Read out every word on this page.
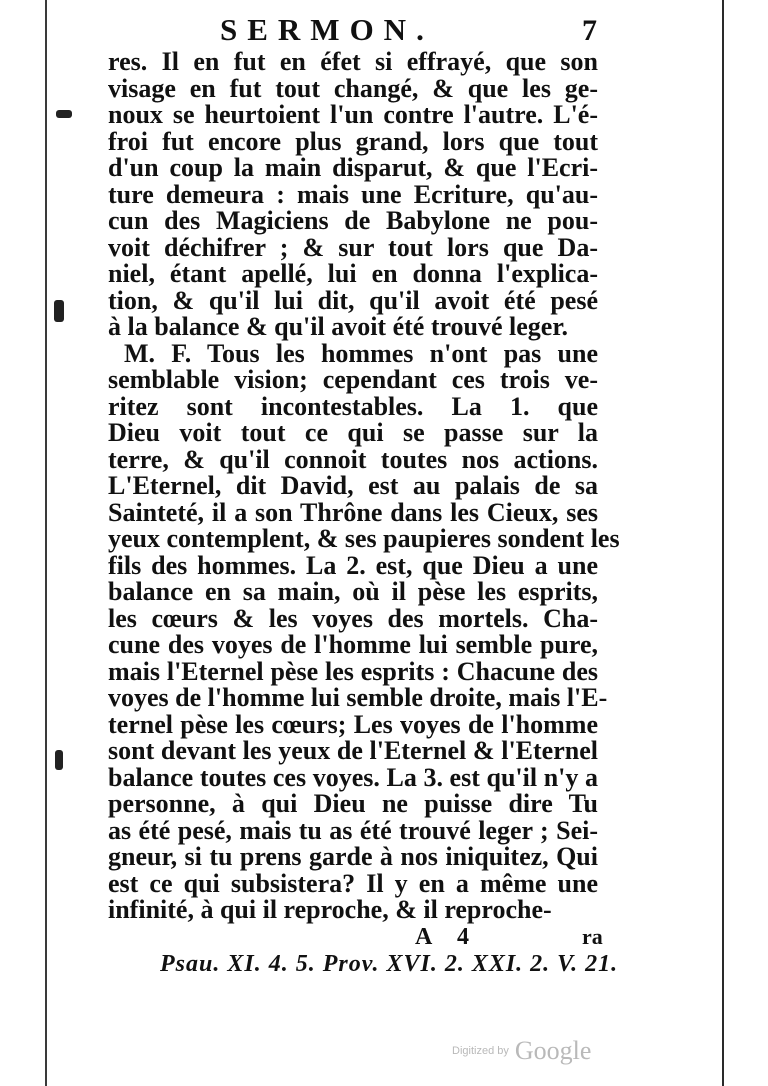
SERMON.	7
res. Il en fut en éfet si effrayé, que son
visage en fut tout changé, & que les ge-
noux se heurtoient l'un contre l'autre. L'é-
froi fut encore plus grand, lors que tout
d'un coup la main disparut, & que l'Ecri-
ture demeura : mais une Ecriture, qu'au-
cun des Magiciens de Babylone ne pou-
voit déchifrer ; & sur tout lors que Da-
niel, étant apellé, lui en donna l'explica-
tion, & qu'il lui dit, qu'il avoit été pesé
à la balance & qu'il avoit été trouvé leger.
M. F. Tous les hommes n'ont pas une
semblable vision; cependant ces trois ve-
ritez sont incontestables. La 1. que
Dieu voit tout ce qui se passe sur la
terre, & qu'il connoit toutes nos actions.
L'Eternel, dit David, est au palais de sa
Sainteté, il a son Thrône dans les Cieux, ses
yeux contemplent, & ses paupieres sondent les
fils des hommes. La 2. est, que Dieu a une
balance en sa main, où il pèse les esprits,
les cœurs & les voyes des mortels. Cha-
cune des voyes de l'homme lui semble pure,
mais l'Eternel pèse les esprits : Chacune des
voyes de l'homme lui semble droite, mais l'E-
ternel pèse les cœurs; Les voyes de l'homme
sont devant les yeux de l'Eternel & l'Eternel
balance toutes ces voyes. La 3. est qu'il n'y a
personne, à qui Dieu ne puisse dire Tu
as été pesé, mais tu as été trouvé leger ; Sei-
gneur, si tu prens garde à nos iniquitez, Qui
est ce qui subsistera? Il y en a même une
infinité, à qui il reproche, & il reproche-
A 4	ra
Psau. XI. 4. 5. Prov. XVI. 2. XXI. 2. V. 21.
Digitized by Google
